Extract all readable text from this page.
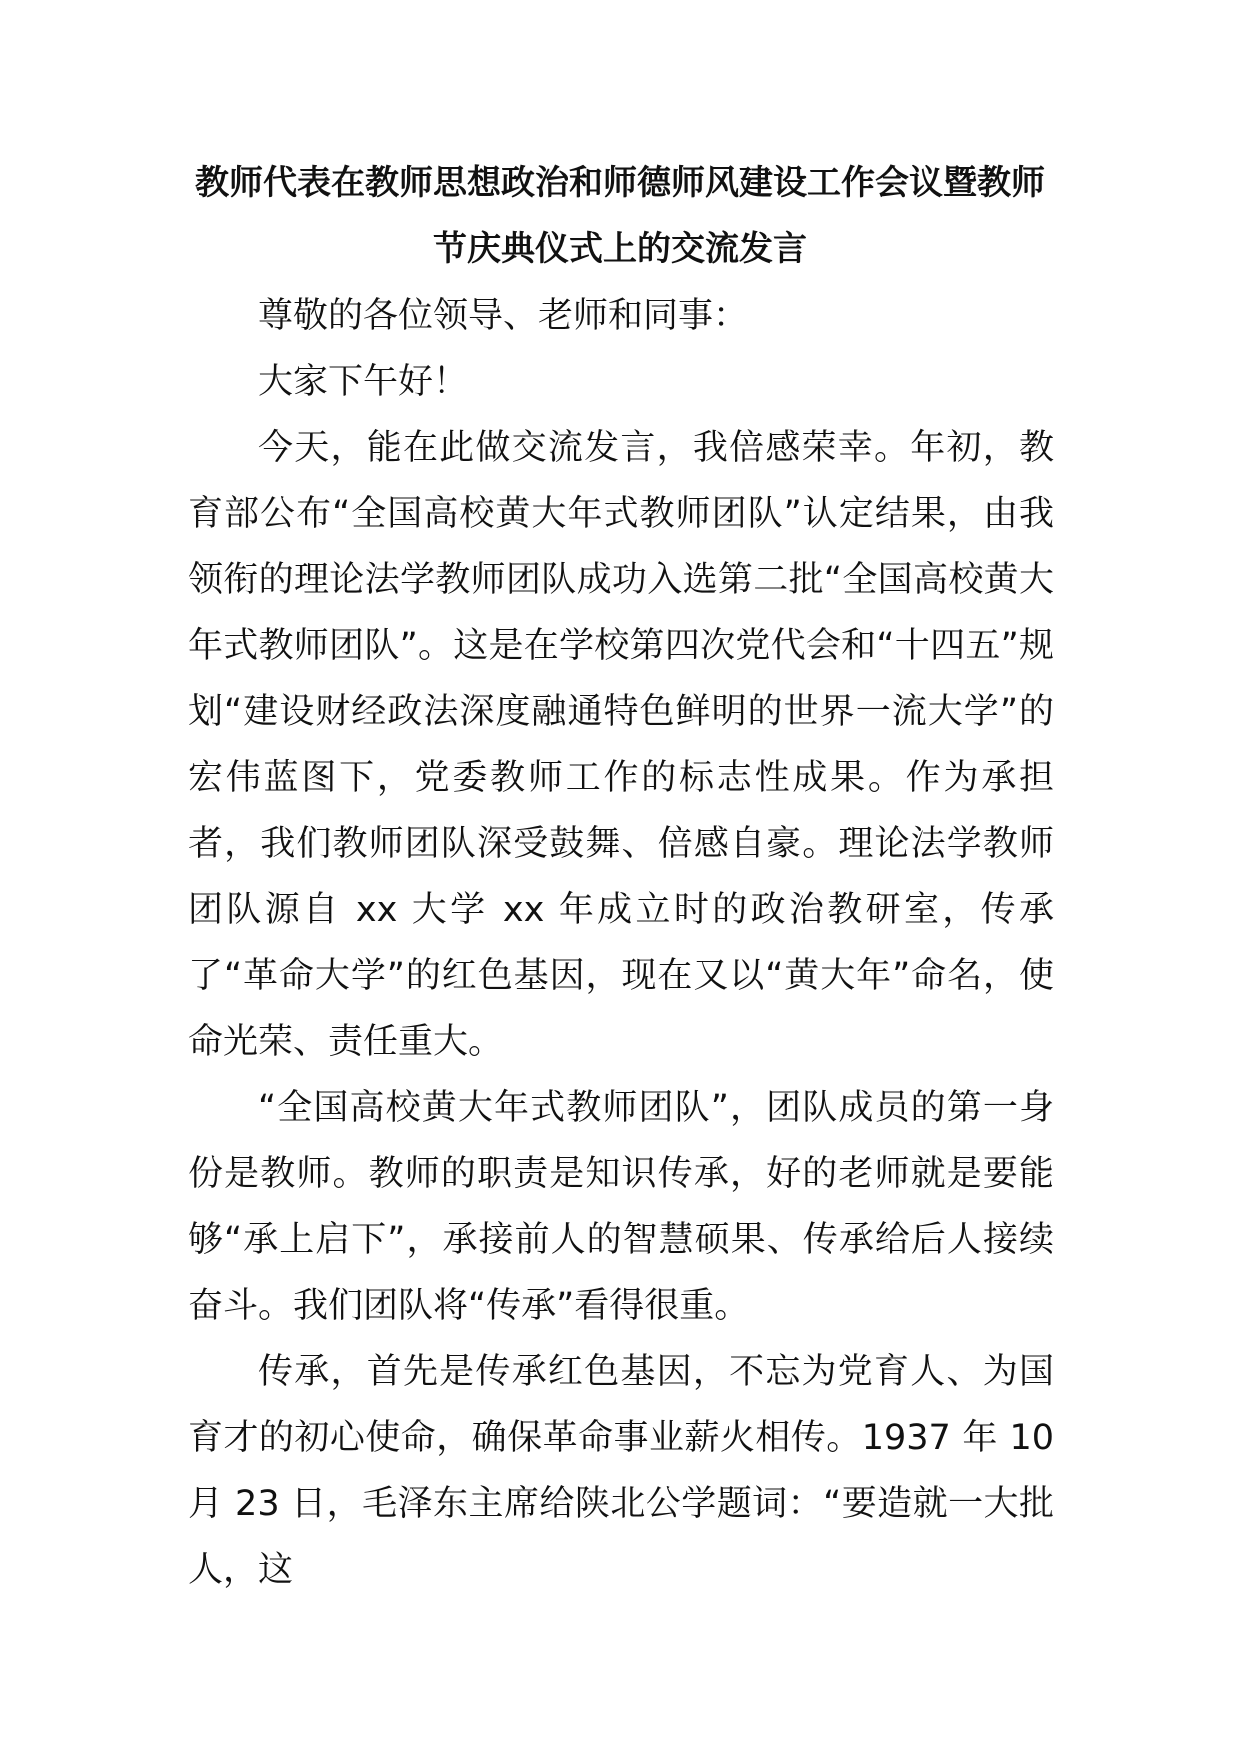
教师代表在教师思想政治和师德师风建设工作会议暨教师
节庆典仪式上的交流发言

尊敬的各位领导、老师和同事：

大家下午好！

今天，能在此做交流发言，我倍感荣幸。年初，教育部公布“全国高校黄大年式教师团队”认定结果，由我领衔的理论法学教师团队成功入选第二批“全国高校黄大年式教师团队”。这是在学校第四次党代会和“十四五”规划“建设财经政法深度融通特色鲜明的世界一流大学”的宏伟蓝图下，党委教师工作的标志性成果。作为承担者，我们教师团队深受鼓舞、倍感自豪。理论法学教师团队源自 xx 大学 xx 年成立时的政治教研室，传承了“革命大学”的红色基因，现在又以“黄大年”命名，使命光荣、责任重大。

“全国高校黄大年式教师团队”，团队成员的第一身份是教师。教师的职责是知识传承，好的老师就是要能够“承上启下”，承接前人的智慧硕果、传承给后人接续奋斗。我们团队将“传承”看得很重。

传承，首先是传承红色基因，不忘为党育人、为国育才的初心使命，确保革命事业薪火相传。1937 年 10 月 23 日，毛泽东主席给陕北公学题词：“要造就一大批人，这
